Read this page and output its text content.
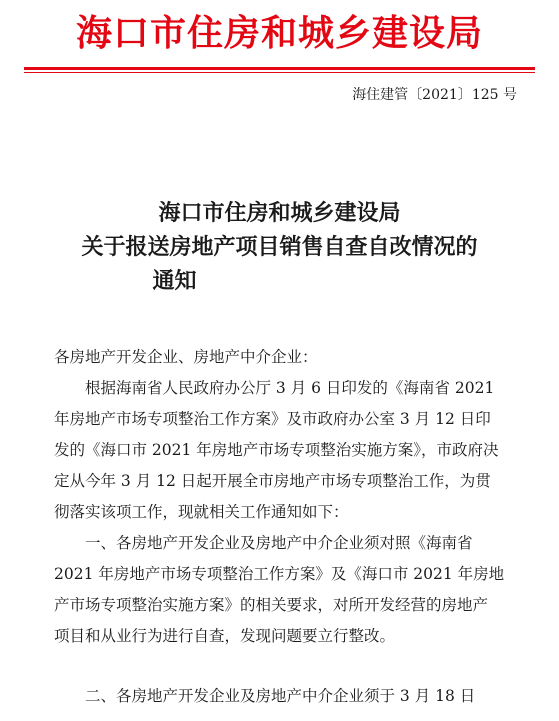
海口市住房和城乡建设局
海住建管〔2021〕125 号
海口市住房和城乡建设局
关于报送房地产项目销售自查自改情况的
通知
各房地产开发企业、房地产中介企业：
　　根据海南省人民政府办公厅 3 月 6 日印发的《海南省 2021
年房地产市场专项整治工作方案》及市政府办公室 3 月 12 日印
发的《海口市 2021 年房地产市场专项整治实施方案》，市政府决
定从今年 3 月 12 日起开展全市房地产市场专项整治工作，为贯
彻落实该项工作，现就相关工作通知如下：
　　一、各房地产开发企业及房地产中介企业须对照《海南省
2021 年房地产市场专项整治工作方案》及《海口市 2021 年房地
产市场专项整治实施方案》的相关要求，对所开发经营的房地产
项目和从业行为进行自查，发现问题要立行整改。
　　二、各房地产开发企业及房地产中介企业须于 3 月 18 日
